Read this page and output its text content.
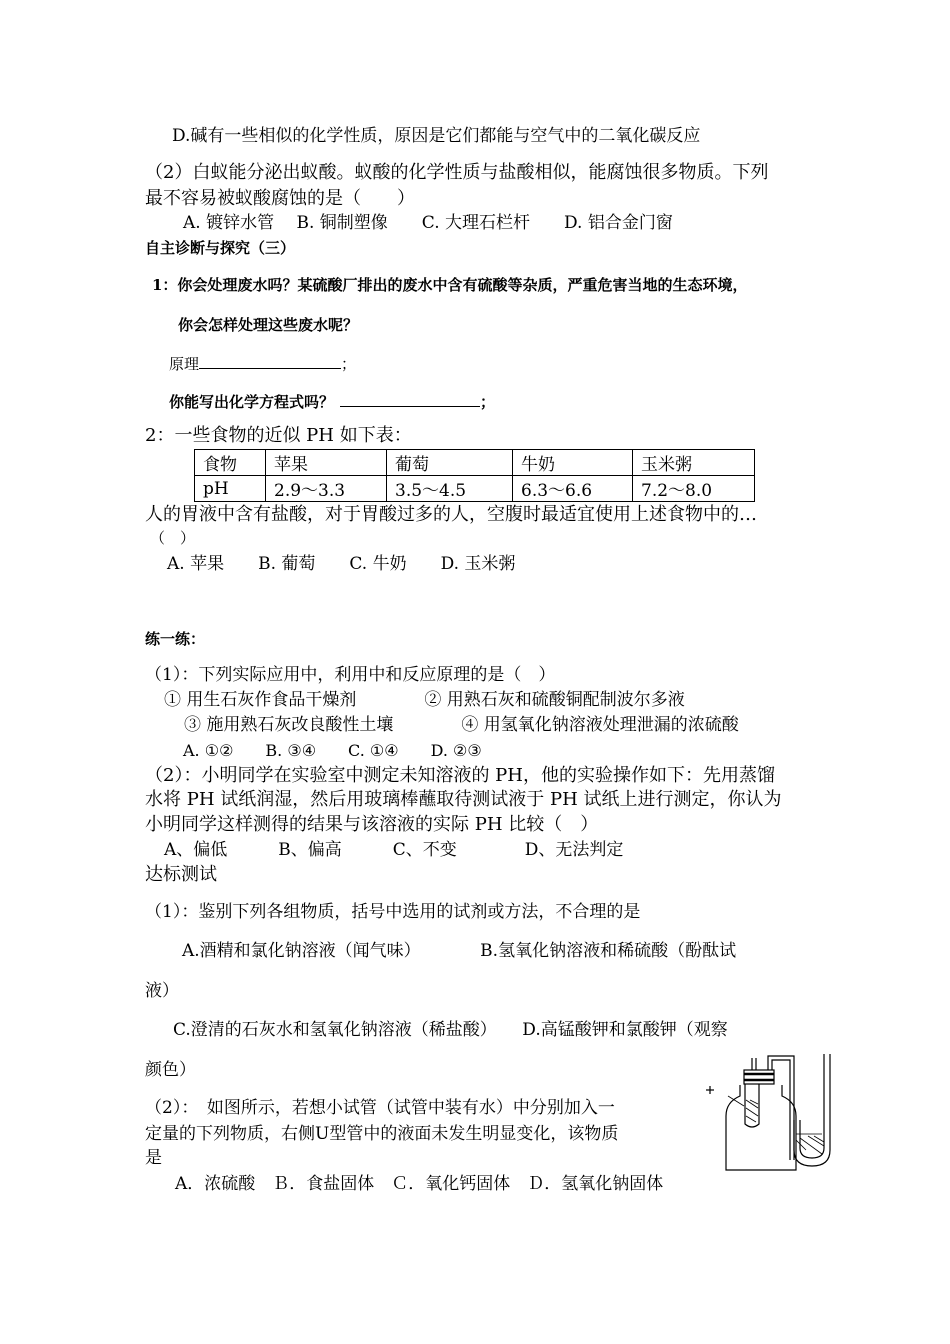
D.碱有一些相似的化学性质，原因是它们都能与空气中的二氧化碳反应
（2）白蚁能分泌出蚁酸。蚁酸的化学性质与盐酸相似，能腐蚀很多物质。下列
最不容易被蚁酸腐蚀的是（　　）
A. 镀锌水管　 B. 铜制塑像　　C. 大理石栏杆　　D. 铝合金门窗
自主诊断与探究（三）
1：你会处理废水吗？某硫酸厂排出的废水中含有硫酸等杂质，严重危害当地的生态环境，
你会怎样处理这些废水呢？
原理	；
你能写出化学方程式吗？	；
2：一些食物的近似 PH 如下表：
食物	苹果	葡萄	牛奶	玉米粥
pH	2.9～3.3	3.5～4.5	6.3～6.6	7.2～8.0
人的胃液中含有盐酸，对于胃酸过多的人，空腹时最适宜使用上述食物中的…
（　）
A. 苹果　　B. 葡萄　　C. 牛奶　　D. 玉米粥
练一练：
（1）：下列实际应用中，利用中和反应原理的是（　）
① 用生石灰作食品干燥剂　　　　② 用熟石灰和硫酸铜配制波尔多液
③ 施用熟石灰改良酸性土壤　　　　④ 用氢氧化钠溶液处理泄漏的浓硫酸
A. ①②　　B. ③④　　C. ①④　　D. ②③
（2）：小明同学在实验室中测定未知溶液的 PH，他的实验操作如下：先用蒸馏
水将 PH 试纸润湿，然后用玻璃棒蘸取待测试液于 PH 试纸上进行测定，你认为
小明同学这样测得的结果与该溶液的实际 PH 比较（　）
A、偏低　　　B、偏高　　　C、不变　　　　D、无法判定
达标测试
（1）：鉴别下列各组物质，括号中选用的试剂或方法，不合理的是
A.酒精和氯化钠溶液（闻气味）　　　　B.氢氧化钠溶液和稀硫酸（酚酞试
液）
C.澄清的石灰水和氢氧化钠溶液（稀盐酸）　　D.高锰酸钾和氯酸钾（观察
颜色）
（2）：　如图所示，若想小试管（试管中装有水）中分别加入一
定量的下列物质，右侧U型管中的液面未发生明显变化，该物质
是
A．浓硫酸　Ｂ．食盐固体　Ｃ．氧化钙固体　Ｄ．氢氧化钠固体
